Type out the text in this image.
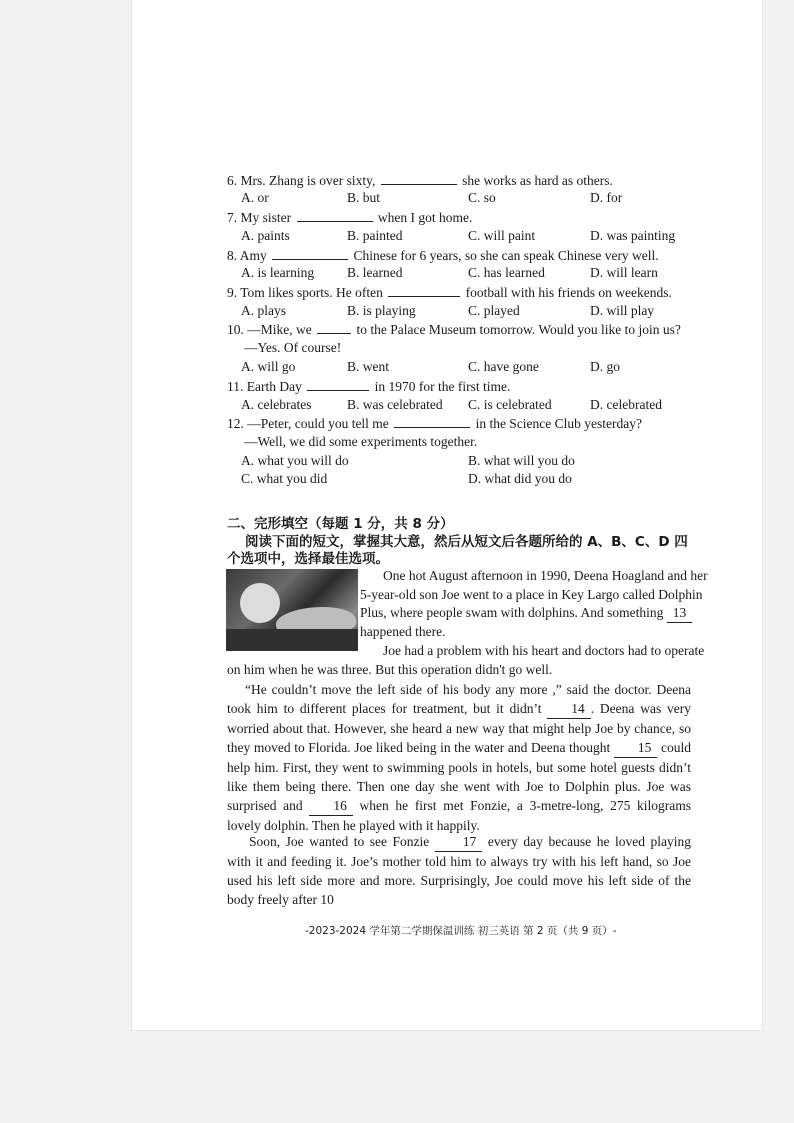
6. Mrs. Zhang is over sixty,	she works as hard as others.
A. or	B. but	C. so	D. for
7. My sister	when I got home.
A. paints	B. painted	C. will paint	D. was painting
8. Amy	Chinese for 6 years, so she can speak Chinese very well.
A. is learning B. learned	C. has learned	D. will learn
9. Tom likes sports. He often	football with his friends on weekends.
A. plays	B. is playing	C. played	D. will play
10. —Mike, we	to the Palace Museum tomorrow. Would you like to join us?
—Yes. Of course!
A. will go	B. went	C. have gone	D. go
11. Earth Day	in 1970 for the first time.
A. celebrates	B. was celebrated C. is celebrated	D. celebrated
12. —Peter, could you tell me	in the Science Club yesterday?
—Well, we did some experiments together.
A. what you will do	B. what will you do
C. what you did	D. what did you do
二、完形填空（每题 1 分，共 8 分）
阅读下面的短文，掌握其大意，然后从短文后各题所给的 A、B、C、D 四
个选项中，选择最佳选项。
One hot August afternoon in 1990, Deena Hoagland and her
5-year-old son Joe went to a place in Key Largo called Dolphin
Plus, where people swam with dolphins. And something 13
happened there.
Joe had a problem with his heart and doctors had to operate
on him when he was three. But this operation didn't go well.
“He couldn’t move the left side of his body any more ,” said the doctor. Deena took him to different places for treatment, but it didn’t 14 . Deena was very worried about that. However, she heard a new way that might help Joe by chance, so they moved to Florida. Joe liked being in the water and Deena thought 15 could help him. First, they went to swimming pools in hotels, but some hotel guests didn’t like them being there. Then one day she went with Joe to Dolphin plus. Joe was surprised and 16 when he first met Fonzie, a 3-metre-long, 275 kilograms lovely dolphin. Then he played with it happily.
Soon, Joe wanted to see Fonzie 17 every day because he loved playing with it and feeding it. Joe’s mother told him to always try with his left hand, so Joe used his left side more and more. Surprisingly, Joe could move his left side of the body freely after 10
-2023-2024 学年第二学期保温训练 初三英语 第 2 页（共 9 页）-
